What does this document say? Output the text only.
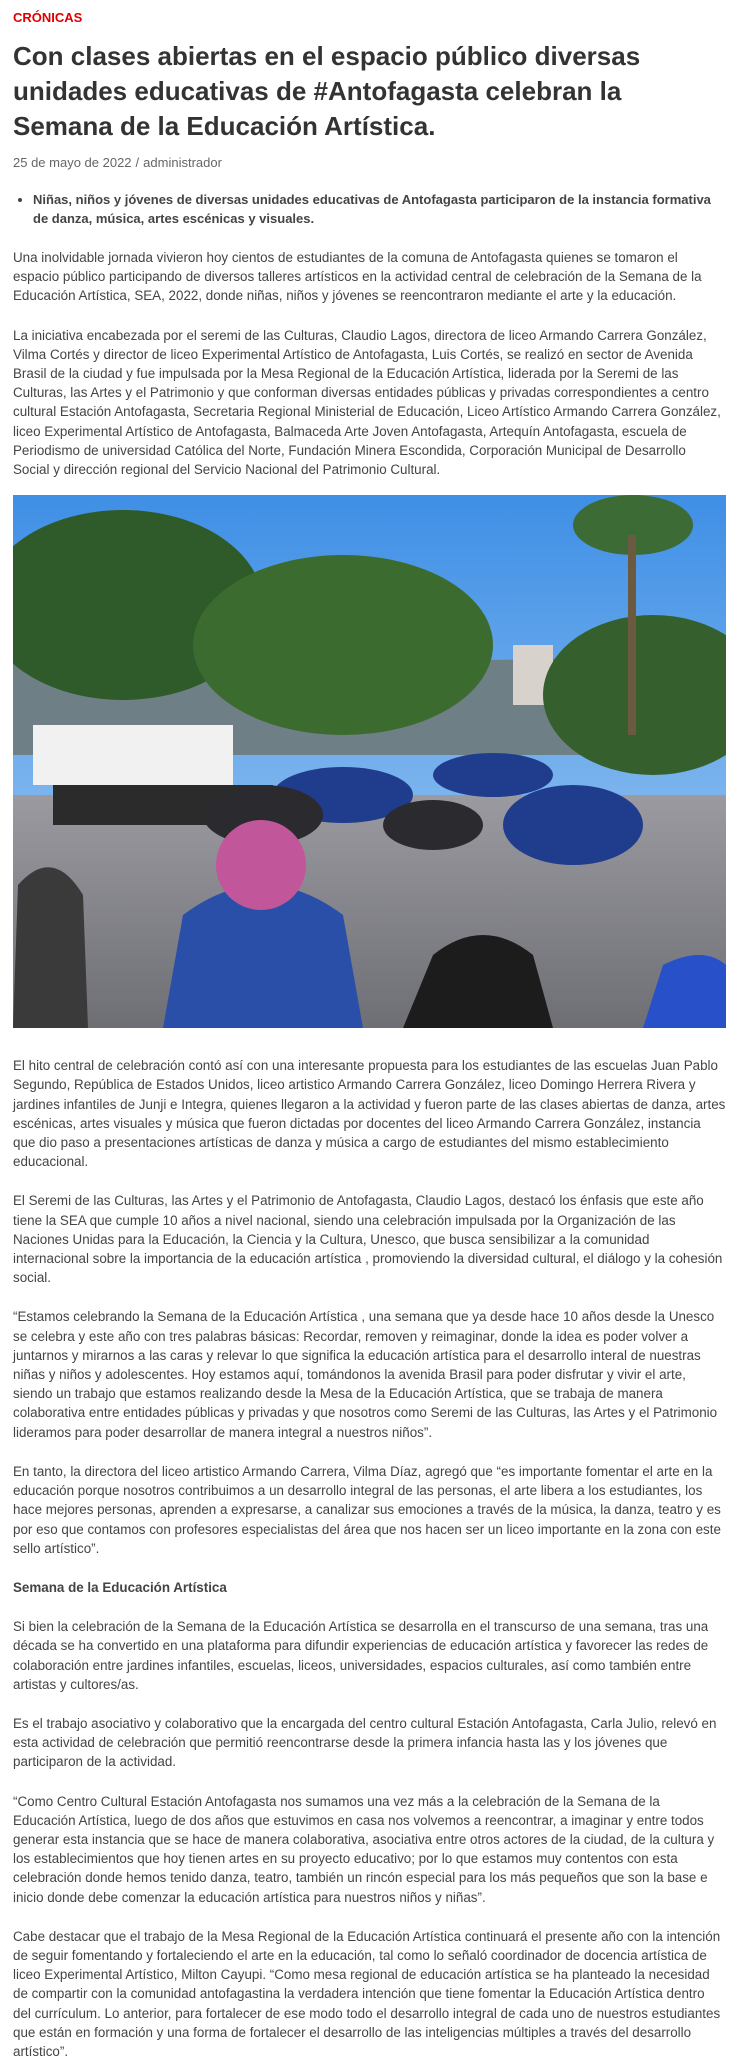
CRÓNICAS
Con clases abiertas en el espacio público diversas unidades educativas de #Antofagasta celebran la Semana de la Educación Artística.
25 de mayo de 2022 / administrador
• Niñas, niños y jóvenes de diversas unidades educativas de Antofagasta participaron de la instancia formativa de danza, música, artes escénicas y visuales.

Una inolvidable jornada vivieron hoy cientos de estudiantes de la comuna de Antofagasta quienes se tomaron el espacio público participando de diversos talleres artísticos en la actividad central de celebración de la Semana de la Educación Artística, SEA, 2022, donde niñas, niños y jóvenes se reencontraron mediante el arte y la educación.

La iniciativa encabezada por el seremi de las Culturas, Claudio Lagos, directora de liceo Armando Carrera González, Vilma Cortés y director de liceo Experimental Artístico de Antofagasta, Luis Cortés, se realizó en sector de Avenida Brasil de la ciudad y fue impulsada por la Mesa Regional de la Educación Artística, liderada por la Seremi de las Culturas, las Artes y el Patrimonio y que conforman diversas entidades públicas y privadas correspondientes a centro cultural Estación Antofagasta, Secretaria Regional Ministerial de Educación, Liceo Artístico Armando Carrera González, liceo Experimental Artístico de Antofagasta, Balmaceda Arte Joven Antofagasta, Artequín Antofagasta, escuela de Periodismo de universidad Católica del Norte, Fundación Minera Escondida, Corporación Municipal de Desarrollo Social y dirección regional del Servicio Nacional del Patrimonio Cultural.

El hito central de celebración contó así con una interesante propuesta para los estudiantes de las escuelas Juan Pablo Segundo, República de Estados Unidos, liceo artistico Armando Carrera González, liceo Domingo Herrera Rivera y jardines infantiles de Junji e Integra, quienes llegaron a la actividad y fueron parte de las clases abiertas de danza, artes escénicas, artes visuales y música que fueron dictadas por docentes del liceo Armando Carrera González, instancia que dio paso a presentaciones artísticas de danza y música a cargo de estudiantes del mismo establecimiento educacional.

El Seremi de las Culturas, las Artes y el Patrimonio de Antofagasta, Claudio Lagos, destacó los énfasis que este año tiene la SEA que cumple 10 años a nivel nacional, siendo una celebración impulsada por la Organización de las Naciones Unidas para la Educación, la Ciencia y la Cultura, Unesco, que busca sensibilizar a la comunidad internacional sobre la importancia de la educación artística , promoviendo la diversidad cultural, el diálogo y la cohesión social.

“Estamos celebrando la Semana de la Educación Artística , una semana que ya desde hace 10 años desde la Unesco se celebra y este año con tres palabras básicas: Recordar, removen y reimaginar, donde la idea es poder volver a juntarnos y mirarnos a las caras y relevar lo que significa la educación artística para el desarrollo interal de nuestras niñas y niños y adolescentes. Hoy estamos aquí, tomándonos la avenida Brasil para poder disfrutar y vivir el arte, siendo un trabajo que estamos realizando desde la Mesa de la Educación Artística, que se trabaja de manera colaborativa entre entidades públicas y privadas y que nosotros como Seremi de las Culturas, las Artes y el Patrimonio lideramos para poder desarrollar de manera integral a nuestros niños”.

En tanto, la directora del liceo artistico Armando Carrera, Vilma Díaz, agregó que “es importante fomentar el arte en la educación porque nosotros contribuimos a un desarrollo integral de las personas, el arte libera a los estudiantes, los hace mejores personas, aprenden a expresarse, a canalizar sus emociones a través de la música, la danza, teatro y es por eso que contamos con profesores especialistas del área que nos hacen ser un liceo importante en la zona con este sello artístico”.

Semana de la Educación Artística

Si bien la celebración de la Semana de la Educación Artística se desarrolla en el transcurso de una semana, tras una década se ha convertido en una plataforma para difundir experiencias de educación artística y favorecer las redes de colaboración entre jardines infantiles, escuelas, liceos, universidades, espacios culturales, así como también entre artistas y cultores/as.

Es el trabajo asociativo y colaborativo que la encargada del centro cultural Estación Antofagasta, Carla Julio, relevó en esta actividad de celebración que permitió reencontrarse desde la primera infancia hasta las y los jóvenes que participaron de la actividad.

“Como Centro Cultural Estación Antofagasta nos sumamos una vez más a la celebración de la Semana de la Educación Artística, luego de dos años que estuvimos en casa nos volvemos a reencontrar, a imaginar y entre todos generar esta instancia que se hace de manera colaborativa, asociativa entre otros actores de la ciudad, de la cultura y los establecimientos que hoy tienen artes en su proyecto educativo; por lo que estamos muy contentos con esta celebración donde hemos tenido danza, teatro, también un rincón especial para los más pequeños que son la base e inicio donde debe comenzar la educación artística para nuestros niños y niñas”.

Cabe destacar que el trabajo de la Mesa Regional de la Educación Artística continuará el presente año con la intención de seguir fomentando y fortaleciendo el arte en la educación, tal como lo señaló coordinador de docencia artística de liceo Experimental Artístico, Milton Cayupi. “Como mesa regional de educación artística se ha planteado la necesidad de compartir con la comunidad antofagastina la verdadera intención que tiene fomentar la Educación Artística dentro del currículum. Lo anterior, para fortalecer de ese modo todo el desarrollo integral de cada uno de nuestros estudiantes que están en formación y una forma de fortalecer el desarrollo de las inteligencias múltiples a través del desarrollo artístico”.
